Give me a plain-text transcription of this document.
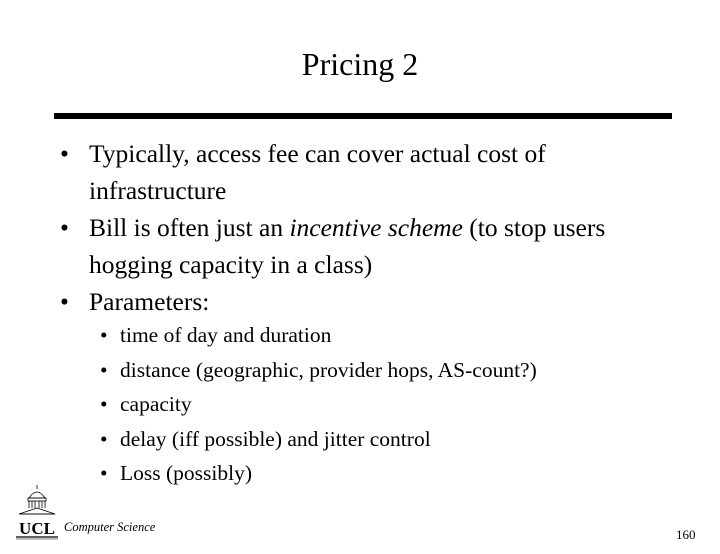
Pricing 2
• Typically, access fee can cover actual cost of infrastructure
• Bill is often just an incentive scheme (to stop users hogging capacity in a class)
• Parameters:
• time of day and duration
• distance (geographic, provider hops, AS-count?)
• capacity
• delay (iff possible) and jitter control
• Loss (possibly)
UCL Computer Science	160
